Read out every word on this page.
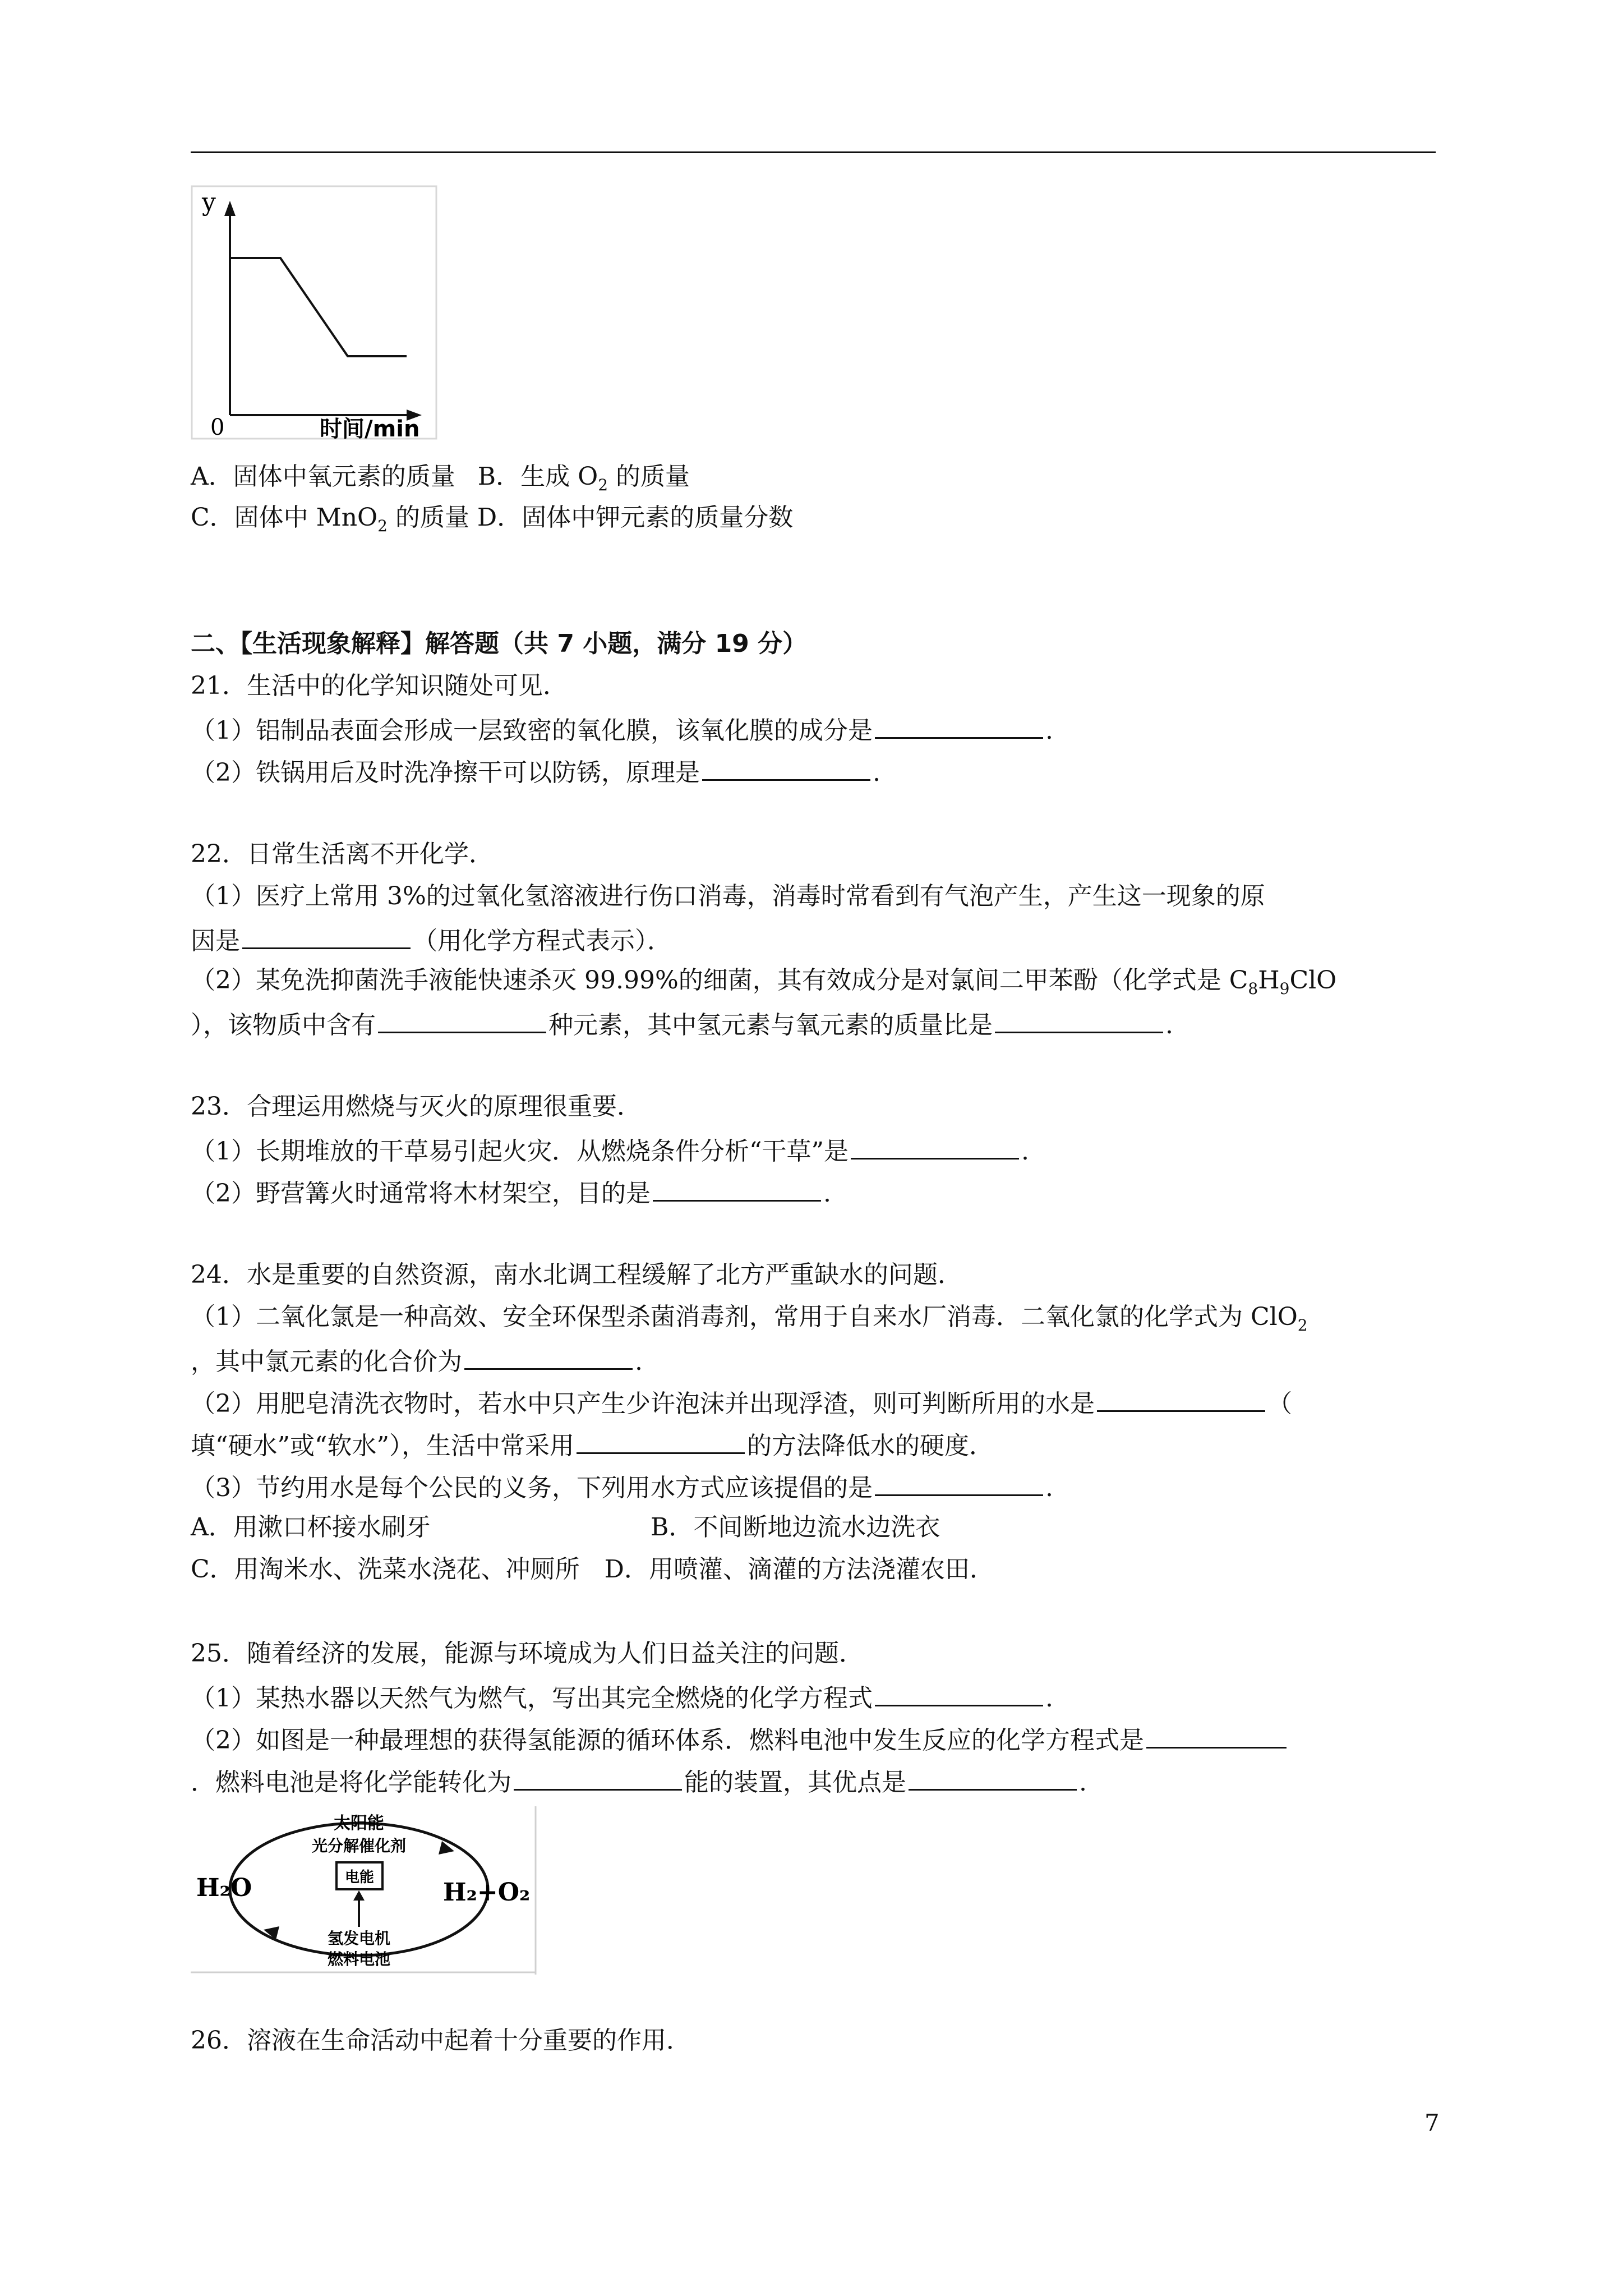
y
0	时间/min
A．固体中氧元素的质量 B．生成 $O_2$ 的质量
C．固体中 MnO$_2$ 的质量 D．固体中钾元素的质量分数
二、【生活现象解释】解答题（共 7 小题，满分 19 分）
21．生活中的化学知识随处可见．
（1）铝制品表面会形成一层致密的氧化膜，该氧化膜的成分是	.
（2）铁锅用后及时洗净擦干可以防锈，原理是	.
22．日常生活离不开化学．
（1）医疗上常用 3%的过氧化氢溶液进行伤口消毒，消毒时常看到有气泡产生，产生这一现象的原
因是	（用化学方程式表示）．
（2）某免洗抑菌洗手液能快速杀灭 99.99%的细菌，其有效成分是对氯间二甲苯酚（化学式是 $C_8H_9ClO$
），该物质中含有	种元素，其中氢元素与氧元素的质量比是	.
23．合理运用燃烧与灭火的原理很重要．
（1）长期堆放的干草易引起火灾．从燃烧条件分析“干草”是	.
（2）野营篝火时通常将木材架空，目的是	.
24．水是重要的自然资源，南水北调工程缓解了北方严重缺水的问题．
（1）二氧化氯是一种高效、安全环保型杀菌消毒剂，常用于自来水厂消毒．二氧化氯的化学式为 ClO$_2$
，其中氯元素的化合价为	.
（2）用肥皂清洗衣物时，若水中只产生少许泡沫并出现浮渣，则可判断所用的水是	（
填“硬水”或“软水”），生活中常采用	的方法降低水的硬度．
（3）节约用水是每个公民的义务，下列用水方式应该提倡的是	.
A．用漱口杯接水刷牙	B．不间断地边流水边洗衣
C．用淘米水、洗菜水浇花、冲厕所　D．用喷灌、滴灌的方法浇灌农田．
25．随着经济的发展，能源与环境成为人们日益关注的问题．
（1）某热水器以天然气为燃气，写出其完全燃烧的化学方程式	.
（2）如图是一种最理想的获得氢能源的循环体系．燃料电池中发生反应的化学方程式是
．燃料电池是将化学能转化为	能的装置，其优点是	.
太阳能
光分解催化剂
电能
H₂O	H₂+O₂
氢发电机
燃料电池
26．溶液在生命活动中起着十分重要的作用．
7
